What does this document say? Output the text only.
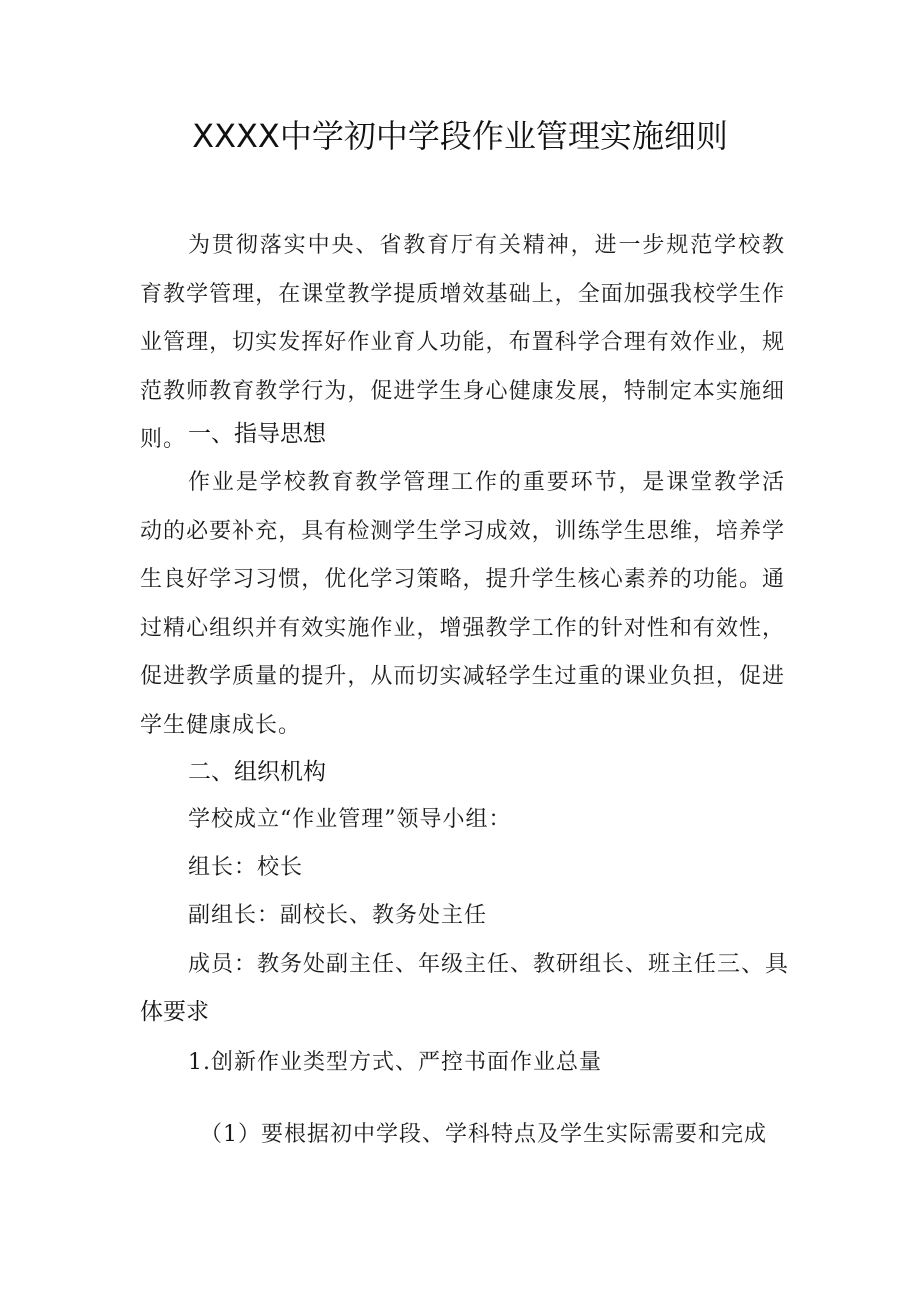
XXXX中学初中学段作业管理实施细则

为贯彻落实中央、省教育厅有关精神，进一步规范学校教育教学管理，在课堂教学提质增效基础上，全面加强我校学生作业管理，切实发挥好作业育人功能，布置科学合理有效作业，规范教师教育教学行为，促进学生身心健康发展，特制定本实施细则。 一、指导思想

作业是学校教育教学管理工作的重要环节，是课堂教学活动的必要补充，具有检测学生学习成效，训练学生思维，培养学生良好学习习惯，优化学习策略，提升学生核心素养的功能。通过精心组织并有效实施作业，增强教学工作的针对性和有效性，促进教学质量的提升，从而切实减轻学生过重的课业负担，促进学生健康成长。

二、组织机构

学校成立“作业管理”领导小组：

组长：校长

副组长：副校长、教务处主任

成员：教务处副主任、年级主任、教研组长、班主任三、具

体要求

1.创新作业类型方式、严控书面作业总量

（1）要根据初中学段、学科特点及学生实际需要和完成
